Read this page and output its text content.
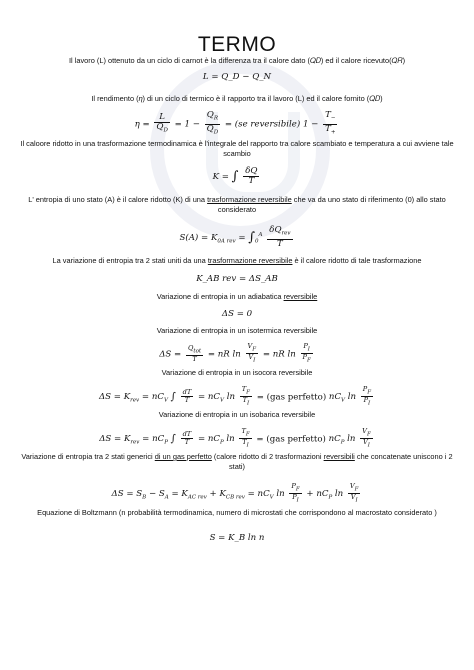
TERMO
Il lavoro (L) ottenuto da un ciclo di carnot è la differenza tra il calore dato (𝑄𝐷) ed il calore ricevuto(𝑄𝑅)
L = Q_D − Q_N
Il rendimento (𝜂) di un ciclo di termico è il rapporto tra il lavoro (L) ed il calore fornito (𝑄𝐷)
$\eta = \frac{L}{Q_D} = 1 - \frac{Q_R}{Q_D} = (se$ reversibile) $1 - \frac{T_-}{T_+}$
Il caloore ridotto in una trasformazione termodinamica è l'integrale del rapporto tra calore scambiato e temperatura a cui avviene tale scambio
K = ∫ $\frac{\delta Q}{T}$
L' entropia di uno stato (A) è il calore ridotto (K) di una trasformazione reversibile che va da uno stato di riferimento (0) allo stato considerato
$S(A) = K_{0A rev} = \int_0^A \frac{\delta Q_{rev}}{T}$
La variazione di entropia tra 2 stati uniti da una trasformazione reversibile è il calore ridotto di tale trasformazione
K_AB rev = ΔS_AB
Variazione di entropia in un adiabatica reversibile
ΔS = 0
Variazione di entropia in un isotermica reversibile
$\Delta S = \frac{Q_{tot}}{T}$ = nR $\ln \frac{V_F}{V_I}$ = nR $\ln \frac{P_I}{P_F}$
Variazione di entropia in un isocora reversibile
$\Delta S = K_{rev} = nC_V$ ∫ $\frac{dT}{T} = nC_V$ $\ln \frac{T_F}{T_I} = (gas$ perfetto) $nC_V$ $\ln \frac{P_F}{P_I}$
Variazione di entropia in un isobarica reversibile
$\Delta S = K_{rev} = nC_P$ ∫ $\frac{dT}{T} = nC_P$ $\ln \frac{T_F}{T_I} = (gas$ perfetto) $nC_P$ $\ln \frac{V_F}{V_I}$
Variazione di entropia tra 2 stati generici di un gas perfetto (calore ridotto di 2 trasformazioni reversibili che concatenate uniscono i 2 stati)
$\Delta S = S_B - S_A = K_{AC rev} + K_{CB rev} = nC_V$ $\ln \frac{P_F}{P_I} + nC_P$ $\ln \frac{V_F}{V_I}$
Equazione di Boltzmann (n probabilità termodinamica, numero di microstati che corrispondono al macrostato considerato )
S = K_B ln n
